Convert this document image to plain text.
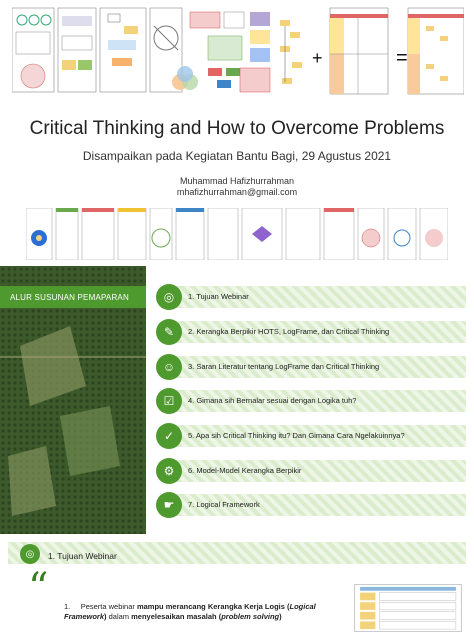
+	=
Critical Thinking and How to Overcome Problems
Disampaikan pada Kegiatan Bantu Bagi, 29 Agustus 2021
Muhammad Hafizhurrahman
mhafizhurrahman@gmail.com
ALUR SUSUNAN PEMAPARAN	◎	1. Tujuan Webinar
✎	2. Kerangka Berpikir HOTS, LogFrame, dan Critical Thinking
☺	3. Saran Literatur tentang LogFrame dan Critical Thinking
☑	4. Gimana sih Bernalar sesuai dengan Logika tuh?
✓	5. Apa sih Critical Thinking itu? Dan Gimana Cara Ngelakuinnya?
⚙	6. Model-Model Kerangka Berpikir
☛	7. Logical Framework
◎	1. Tujuan Webinar
“ 1. Peserta webinar mampu merancang Kerangka Kerja Logis (Logical Framework) dalam menyelesaikan masalah (problem solving)
